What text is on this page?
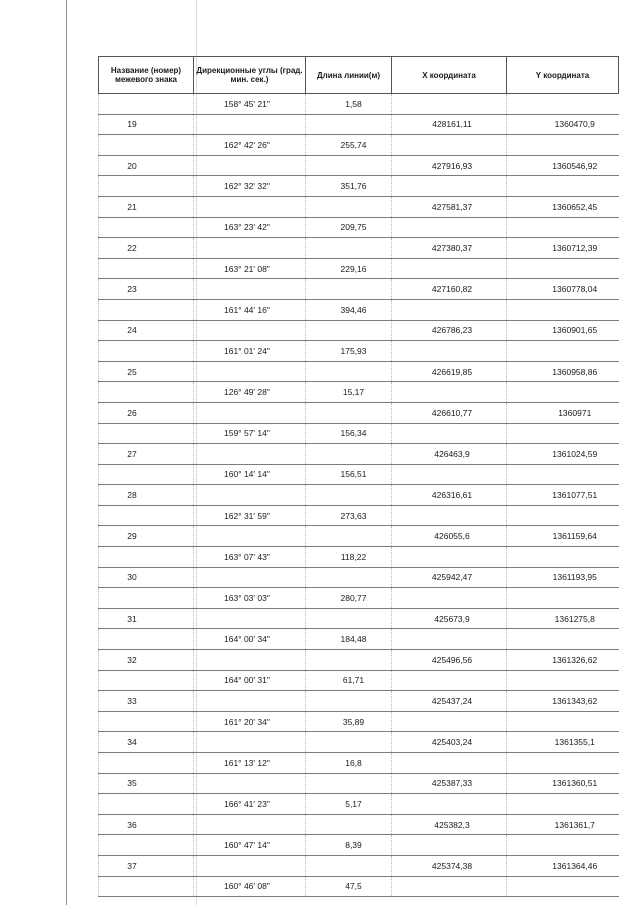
Название (номер) межевого знака	Дирекционные углы (град. мин. сек.)	Длина линии(м)	X координата	Y координата
	158° 45' 21"	1,58		
19			428161,11	1360470,9
	162° 42' 26"	255,74		
20			427916,93	1360546,92
	162° 32' 32"	351,76		
21			427581,37	1360652,45
	163° 23' 42"	209,75		
22			427380,37	1360712,39
	163° 21' 08"	229,16		
23			427160,82	1360778,04
	161° 44' 16"	394,46		
24			426786,23	1360901,65
	161° 01' 24"	175,93		
25			426619,85	1360958,86
	126° 49' 28"	15,17		
26			426610,77	1360971
	159° 57' 14"	156,34		
27			426463,9	1361024,59
	160° 14' 14"	156,51		
28			426316,61	1361077,51
	162° 31' 59"	273,63		
29			426055,6	1361159,64
	163° 07' 43"	118,22		
30			425942,47	1361193,95
	163° 03' 03"	280,77		
31			425673,9	1361275,8
	164° 00' 34"	184,48		
32			425496,56	1361326,62
	164° 00' 31"	61,71		
33			425437,24	1361343,62
	161° 20' 34"	35,89		
34			425403,24	1361355,1
	161° 13' 12"	16,8		
35			425387,33	1361360,51
	166° 41' 23"	5,17		
36			425382,3	1361361,7
	160° 47' 14"	8,39		
37			425374,38	1361364,46
	160° 46' 08"	47,5		
